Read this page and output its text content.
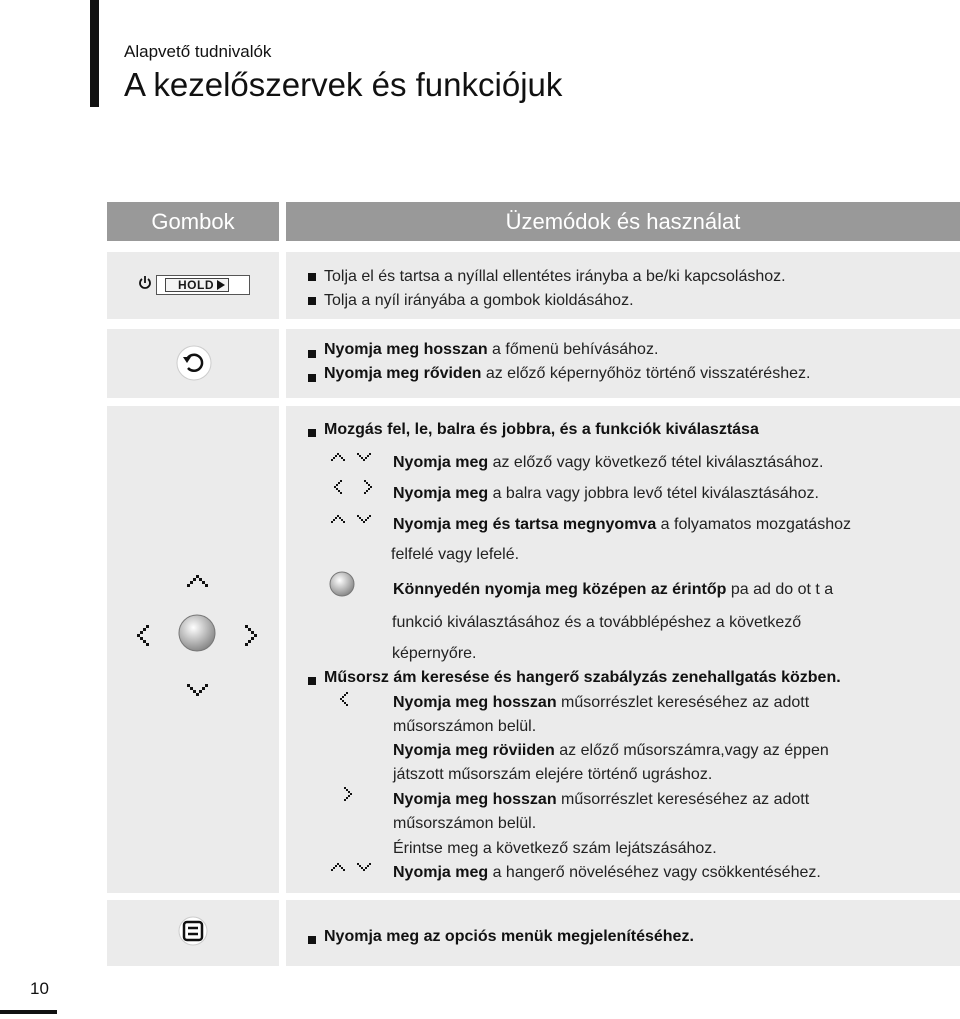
Alapvető tudnivalók
A kezelőszervek és funkciójuk
Gombok	Üzemódok és használat
HOLD	Tolja el és tartsa a nyíllal ellentétes irányba a be/ki kapcsoláshoz.
Tolja a nyíl irányába a gombok kioldásához.
Nyomja meg hosszan a főmenü behívásához.
Nyomja meg rőviden az előző képernyőhöz történő visszatéréshez.
Mozgás fel, le, balra és jobbra, és a funkciók kiválasztása
Nyomja meg az előző vagy következő tétel kiválasztásához.
Nyomja meg a balra vagy jobbra levő tétel kiválasztásához.
Nyomja meg és tartsa megnyomva a folyamatos mozgatáshoz
felfelé vagy lefelé.
Könnyedén nyomja meg középen az érintőp pa ad do ot t a
funkció kiválasztásához és a továbblépéshez a következő
képernyőre.
Műsorsz ám keresése és hangerő szabályzás zenehallgatás közben.
Nyomja meg hosszan műsorrészlet kereséséhez az adott
műsorszámon belül.
Nyomja meg röviiden az előző műsorszámra,vagy az éppen
játszott műsorszám elejére történő ugráshoz.
Nyomja meg hosszan műsorrészlet kereséséhez az adott
műsorszámon belül.
Érintse meg a következő szám lejátszásához.
Nyomja meg a hangerő növeléséhez vagy csökkentéséhez.
Nyomja meg az opciós menük megjelenítéséhez.
10
